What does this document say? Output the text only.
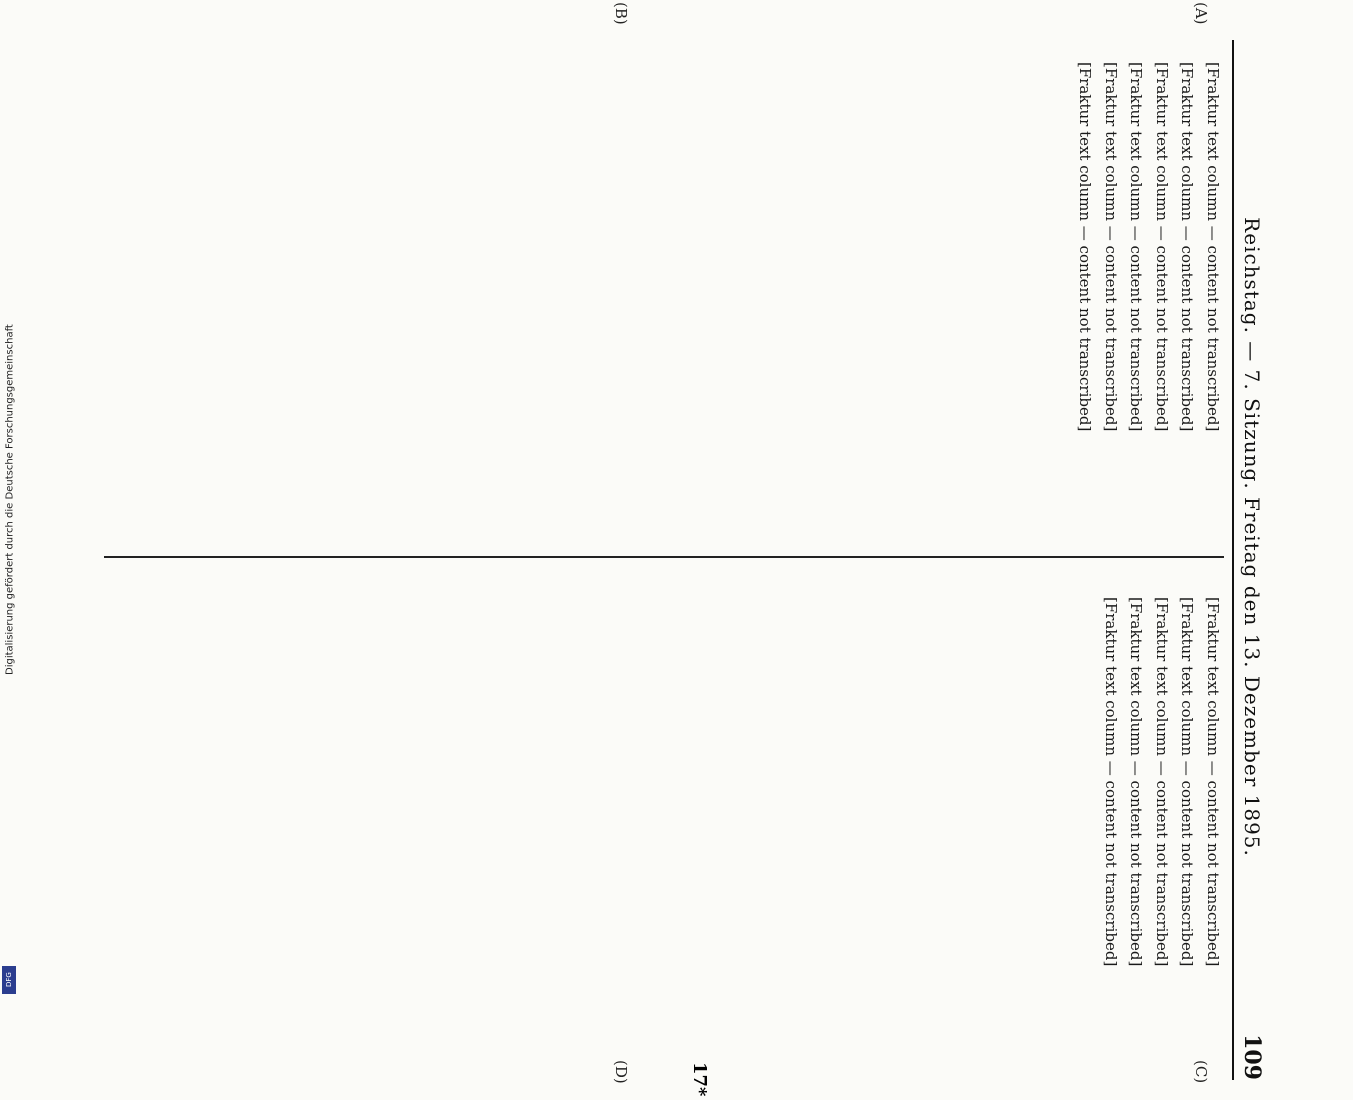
Digitalisierung gefördert durch die Deutsche Forschungsgemeinschaft
DFG
Reichstag. — 7. Sitzung. Freitag den 13. Dezember 1895.
109
(A)
(B)
(C)
(D)

[Fraktur text column — content not transcribed]

[Fraktur text column — content not transcribed]

[Fraktur text column — content not transcribed]

[Fraktur text column — content not transcribed]

[Fraktur text column — content not transcribed]

[Fraktur text column — content not transcribed]

[Fraktur text column — content not transcribed]

[Fraktur text column — content not transcribed]

[Fraktur text column — content not transcribed]

[Fraktur text column — content not transcribed]

[Fraktur text column — content not transcribed]

17*
